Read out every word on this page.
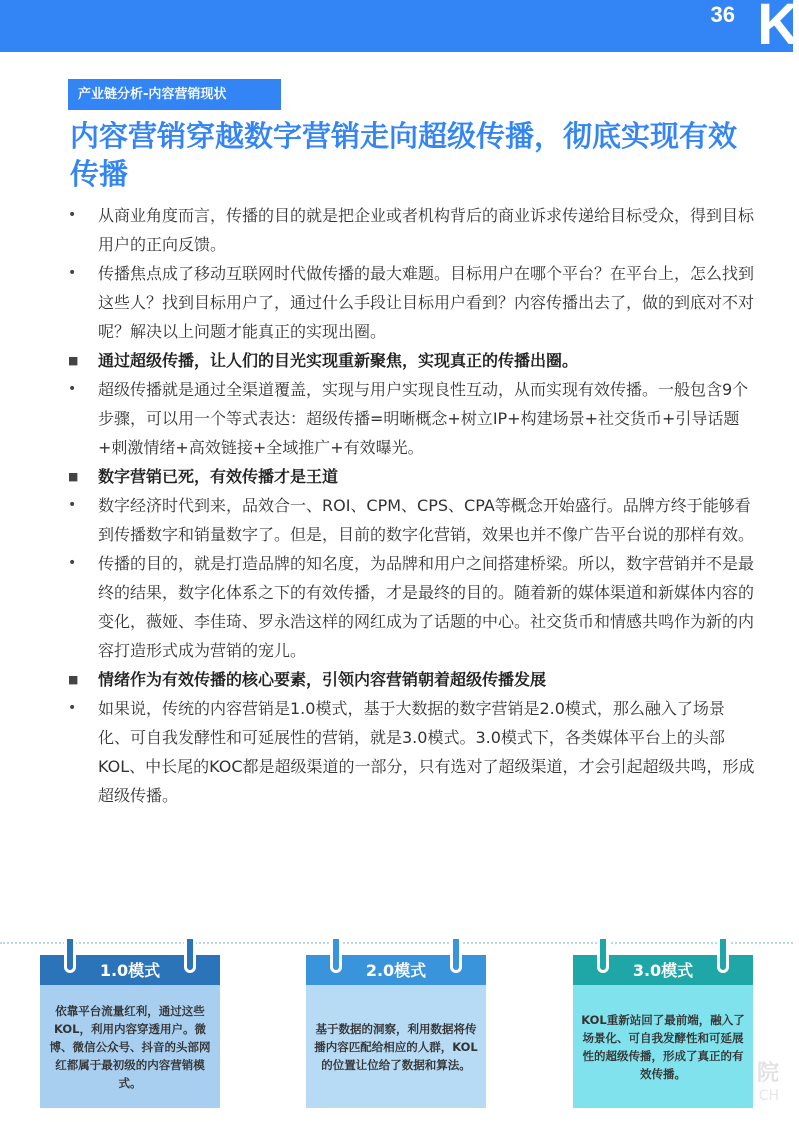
36 K
产业链分析-内容营销现状
内容营销穿越数字营销走向超级传播，彻底实现有效传播
• 从商业角度而言，传播的目的就是把企业或者机构背后的商业诉求传递给目标受众，得到目标用户的正向反馈。
• 传播焦点成了移动互联网时代做传播的最大难题。目标用户在哪个平台？在平台上，怎么找到这些人？找到目标用户了，通过什么手段让目标用户看到？内容传播出去了，做的到底对不对呢？解决以上问题才能真正的实现出圈。
■ 通过超级传播，让人们的目光实现重新聚焦，实现真正的传播出圈。
• 超级传播就是通过全渠道覆盖，实现与用户实现良性互动，从而实现有效传播。一般包含9个步骤，可以用一个等式表达：超级传播=明晰概念+树立IP+构建场景+社交货币+引导话题+刺激情绪+高效链接+全域推广+有效曝光。
■ 数字营销已死，有效传播才是王道
• 数字经济时代到来，品效合一、ROI、CPM、CPS、CPA等概念开始盛行。品牌方终于能够看到传播数字和销量数字了。但是，目前的数字化营销，效果也并不像广告平台说的那样有效。
• 传播的目的，就是打造品牌的知名度，为品牌和用户之间搭建桥梁。所以，数字营销并不是最终的结果，数字化体系之下的有效传播，才是最终的目的。随着新的媒体渠道和新媒体内容的变化，薇娅、李佳琦、罗永浩这样的网红成为了话题的中心。社交货币和情感共鸣作为新的内容打造形式成为营销的宠儿。
■ 情绪作为有效传播的核心要素，引领内容营销朝着超级传播发展
• 如果说，传统的内容营销是1.0模式，基于大数据的数字营销是2.0模式，那么融入了场景化、可自我发酵性和可延展性的营销，就是3.0模式。3.0模式下，各类媒体平台上的头部KOL、中长尾的KOC都是超级渠道的一部分，只有选对了超级渠道，才会引起超级共鸣，形成超级传播。
1.0模式
依靠平台流量红利，通过这些KOL，利用内容穿透用户。微博、微信公众号、抖音的头部网红都属于最初级的内容营销模式。
2.0模式
基于数据的洞察，利用数据将传播内容匹配给相应的人群，KOL的位置让位给了数据和算法。
3.0模式
KOL重新站回了最前端，融入了场景化、可自我发酵性和可延展性的超级传播，形成了真正的有效传播。	院
CH
